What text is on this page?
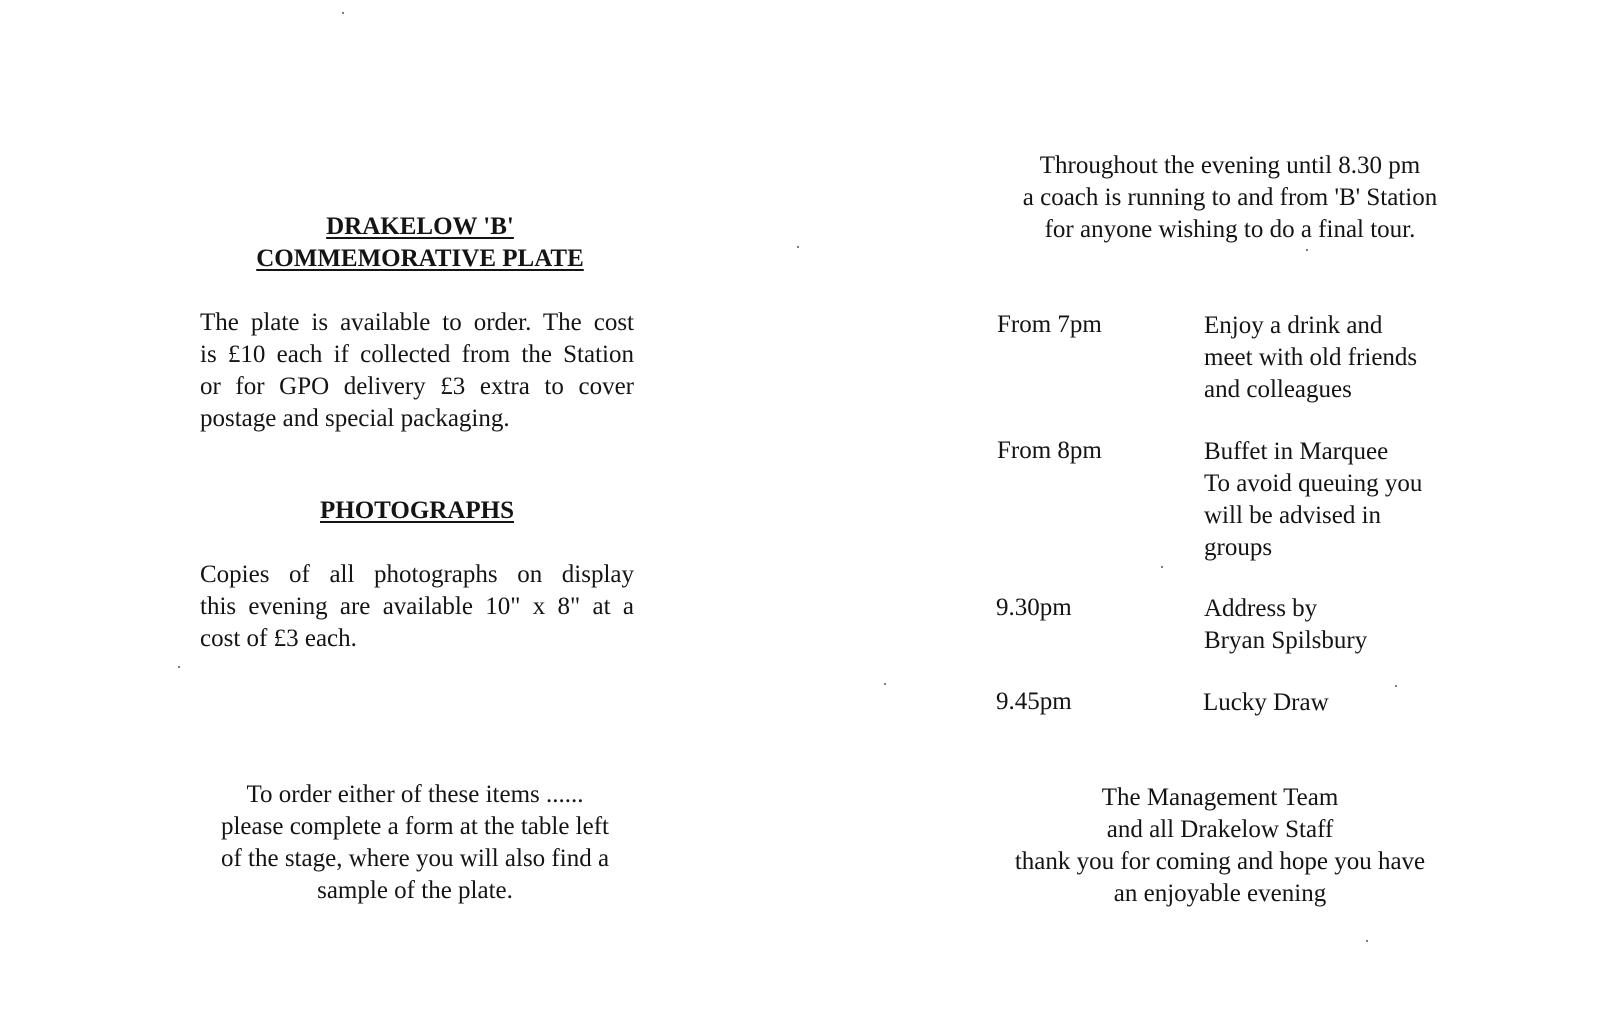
DRAKELOW 'B'
COMMEMORATIVE PLATE
The plate is available to order. The cost
is £10 each if collected from the Station
or for GPO delivery £3 extra to cover
postage and special packaging.
PHOTOGRAPHS
Copies of all photographs on display
this evening are available 10" x 8" at a
cost of £3 each.
To order either of these items ......
please complete a form at the table left
of the stage, where you will also find a
sample of the plate.
Throughout the evening until 8.30 pm
a coach is running to and from 'B' Station
for anyone wishing to do a final tour.
From 7pm	Enjoy a drink and
meet with old friends
and colleagues
From 8pm	Buffet in Marquee
To avoid queuing you
will be advised in
groups
9.30pm	Address by
Bryan Spilsbury
9.45pm	Lucky Draw
The Management Team
and all Drakelow Staff
thank you for coming and hope you have
an enjoyable evening
